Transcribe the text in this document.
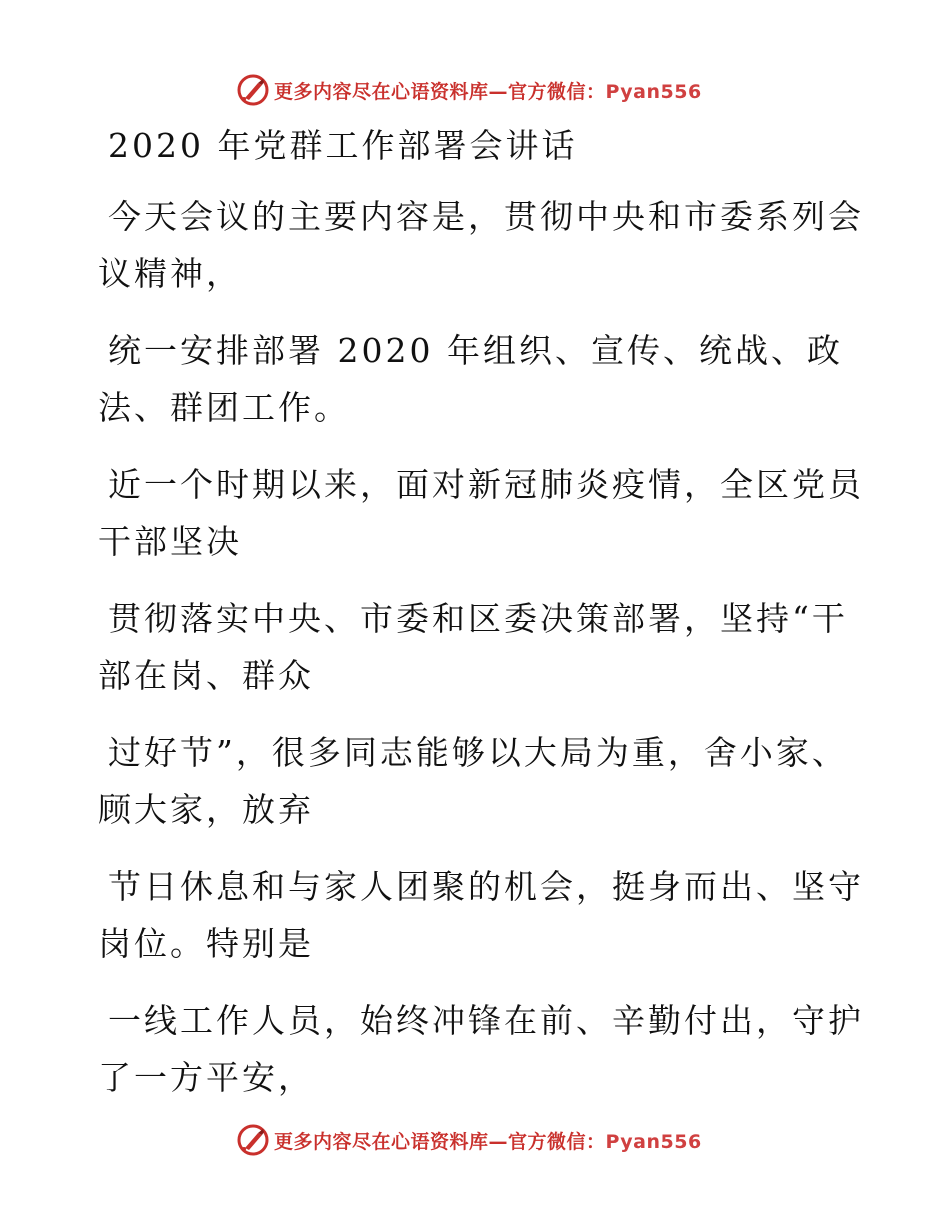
更多内容尽在心语资料库—官方微信：Pyan556
2020 年党群工作部署会讲话
今天会议的主要内容是，贯彻中央和市委系列会
议精神，
统一安排部署 2020 年组织、宣传、统战、政
法、群团工作。
近一个时期以来，面对新冠肺炎疫情，全区党员
干部坚决
贯彻落实中央、市委和区委决策部署，坚持“干
部在岗、群众
过好节”，很多同志能够以大局为重，舍小家、
顾大家，放弃
节日休息和与家人团聚的机会，挺身而出、坚守
岗位。特别是
一线工作人员，始终冲锋在前、辛勤付出，守护
了一方平安，
更多内容尽在心语资料库—官方微信：Pyan556
